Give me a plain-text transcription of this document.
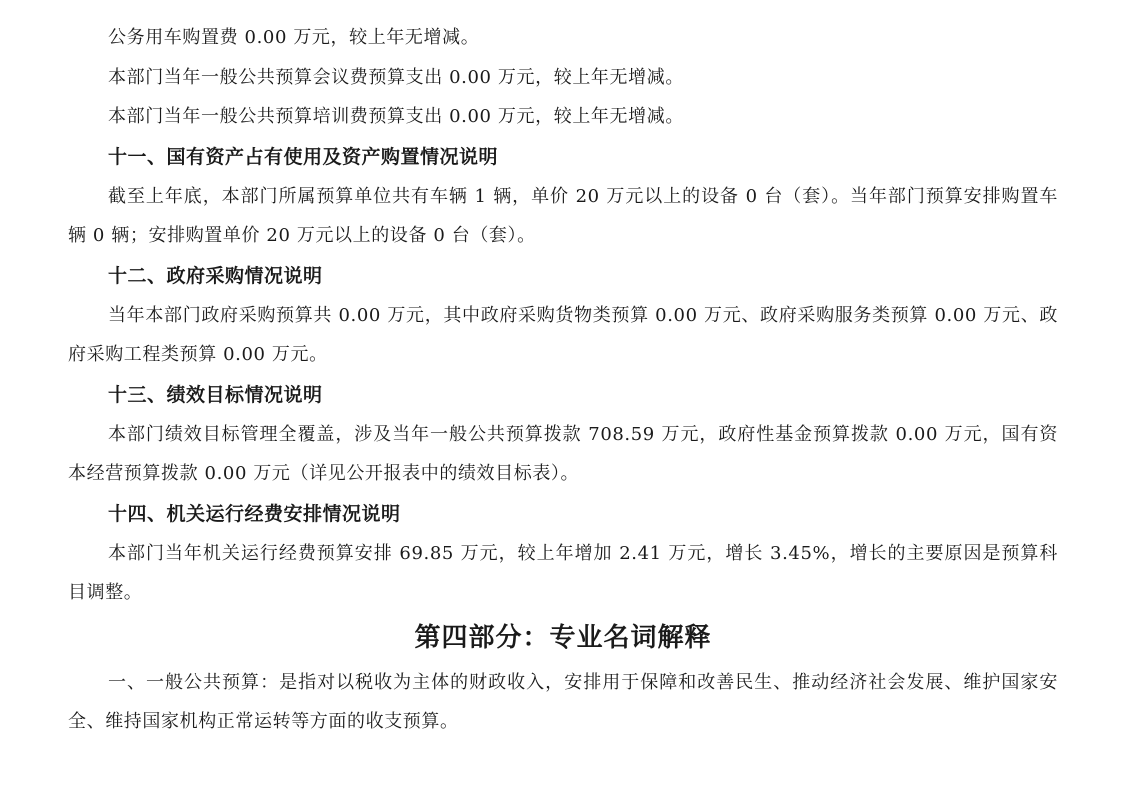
公务用车购置费 0.00 万元，较上年无增减。

本部门当年一般公共预算会议费预算支出 0.00 万元，较上年无增减。

本部门当年一般公共预算培训费预算支出 0.00 万元，较上年无增减。

十一、国有资产占有使用及资产购置情况说明

截至上年底，本部门所属预算单位共有车辆 1 辆，单价 20 万元以上的设备 0 台（套）。当年部门预算安排购置车辆 0 辆；安排购置单价 20 万元以上的设备 0 台（套）。

十二、政府采购情况说明

当年本部门政府采购预算共 0.00 万元，其中政府采购货物类预算 0.00 万元、政府采购服务类预算 0.00 万元、政府采购工程类预算 0.00 万元。

十三、绩效目标情况说明

本部门绩效目标管理全覆盖，涉及当年一般公共预算拨款 708.59 万元，政府性基金预算拨款 0.00 万元，国有资本经营预算拨款 0.00 万元（详见公开报表中的绩效目标表）。

十四、机关运行经费安排情况说明

本部门当年机关运行经费预算安排 69.85 万元，较上年增加 2.41 万元，增长 3.45%，增长的主要原因是预算科目调整。

第四部分：专业名词解释

一、一般公共预算：是指对以税收为主体的财政收入，安排用于保障和改善民生、推动经济社会发展、维护国家安全、维持国家机构正常运转等方面的收支预算。
